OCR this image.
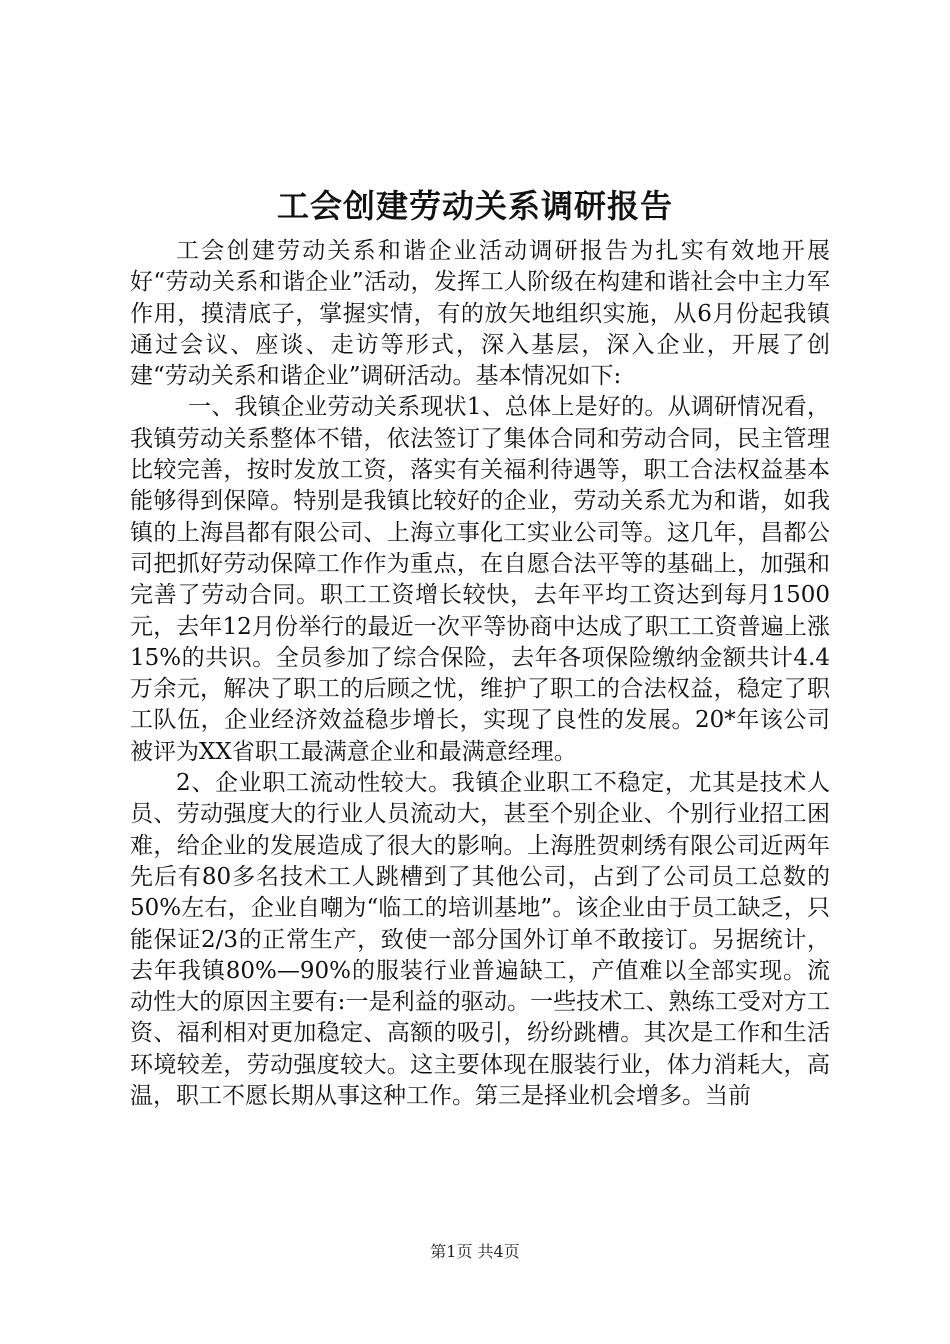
工会创建劳动关系调研报告

工会创建劳动关系和谐企业活动调研报告为扎实有效地开展好“劳动关系和谐企业”活动，发挥工人阶级在构建和谐社会中主力军作用，摸清底子，掌握实情，有的放矢地组织实施，从6月份起我镇通过会议、座谈、走访等形式，深入基层，深入企业，开展了创建“劳动关系和谐企业”调研活动。基本情况如下:

一、我镇企业劳动关系现状1、总体上是好的。从调研情况看，我镇劳动关系整体不错，依法签订了集体合同和劳动合同，民主管理比较完善，按时发放工资，落实有关福利待遇等，职工合法权益基本能够得到保障。特别是我镇比较好的企业，劳动关系尤为和谐，如我镇的上海昌都有限公司、上海立事化工实业公司等。这几年，昌都公司把抓好劳动保障工作作为重点，在自愿合法平等的基础上，加强和完善了劳动合同。职工工资增长较快，去年平均工资达到每月1500元，去年12月份举行的最近一次平等协商中达成了职工工资普遍上涨15%的共识。全员参加了综合保险，去年各项保险缴纳金额共计4.4万余元，解决了职工的后顾之忧，维护了职工的合法权益，稳定了职工队伍，企业经济效益稳步增长，实现了良性的发展。20*年该公司被评为XX省职工最满意企业和最满意经理。

2、企业职工流动性较大。我镇企业职工不稳定，尤其是技术人员、劳动强度大的行业人员流动大，甚至个别企业、个别行业招工困难，给企业的发展造成了很大的影响。上海胜贺刺绣有限公司近两年先后有80多名技术工人跳槽到了其他公司，占到了公司员工总数的50%左右，企业自嘲为“临工的培训基地”。该企业由于员工缺乏，只能保证2/3的正常生产，致使一部分国外订单不敢接订。另据统计，去年我镇80%—90%的服装行业普遍缺工，产值难以全部实现。流动性大的原因主要有:一是利益的驱动。一些技术工、熟练工受对方工资、福利相对更加稳定、高额的吸引，纷纷跳槽。其次是工作和生活环境较差，劳动强度较大。这主要体现在服装行业，体力消耗大，高温，职工不愿长期从事这种工作。第三是择业机会增多。当前

第1页 共4页
